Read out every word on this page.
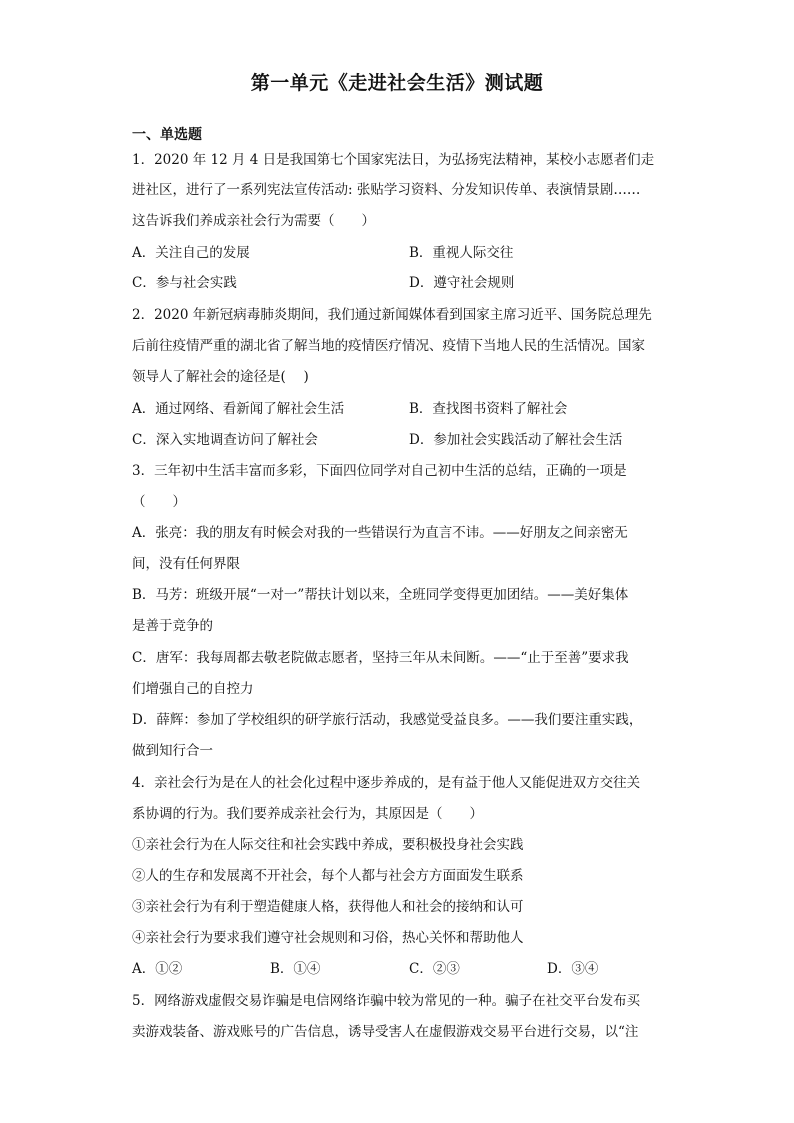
第一单元《走进社会生活》测试题
一、单选题
1．2020 年 12 月 4 日是我国第七个国家宪法日，为弘扬宪法精神，某校小志愿者们走
进社区，进行了一系列宪法宣传活动: 张贴学习资料、分发知识传单、表演情景剧……
这告诉我们养成亲社会行为需要（　　）
A．关注自己的发展	B．重视人际交往
C．参与社会实践	D．遵守社会规则
2．2020 年新冠病毒肺炎期间，我们通过新闻媒体看到国家主席习近平、国务院总理先
后前往疫情严重的湖北省了解当地的疫情医疗情况、疫情下当地人民的生活情况。国家
领导人了解社会的途径是(　 )
A．通过网络、看新闻了解社会生活	B．查找图书资料了解社会
C．深入实地调查访问了解社会	D．参加社会实践活动了解社会生活
3．三年初中生活丰富而多彩，下面四位同学对自己初中生活的总结，正确的一项是
（　　）
A．张亮：我的朋友有时候会对我的一些错误行为直言不讳。——好朋友之间亲密无
间，没有任何界限
B．马芳：班级开展“一对一”帮扶计划以来，全班同学变得更加团结。——美好集体
是善于竞争的
C．唐军：我每周都去敬老院做志愿者，坚持三年从未间断。——“止于至善”要求我
们增强自己的自控力
D．薛辉：参加了学校组织的研学旅行活动，我感觉受益良多。——我们要注重实践，
做到知行合一
4．亲社会行为是在人的社会化过程中逐步养成的，是有益于他人又能促进双方交往关
系协调的行为。我们要养成亲社会行为，其原因是（　　）
①亲社会行为在人际交往和社会实践中养成，要积极投身社会实践
②人的生存和发展离不开社会，每个人都与社会方方面面发生联系
③亲社会行为有利于塑造健康人格，获得他人和社会的接纳和认可
④亲社会行为要求我们遵守社会规则和习俗，热心关怀和帮助他人
A．①②	B．①④	C．②③	D．③④
5．网络游戏虚假交易诈骗是电信网络诈骗中较为常见的一种。骗子在社交平台发布买
卖游戏装备、游戏账号的广告信息，诱导受害人在虚假游戏交易平台进行交易，以“注
